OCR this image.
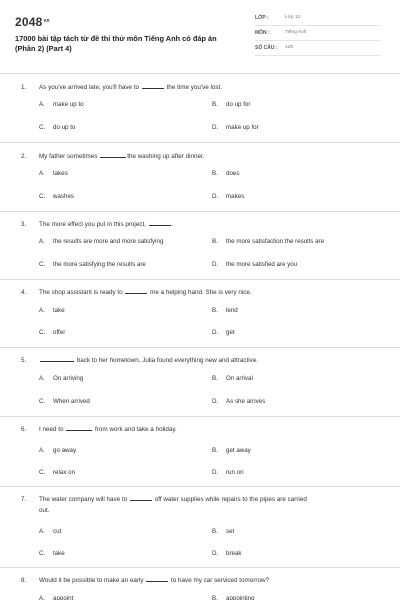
$2048^{vn}$
17000 bài tập tách từ đề thi thử môn Tiếng Anh có đáp án
(Phần 2) (Part 4)
LỚP :	Lớp 12
MÔN :	Tiếng Anh
SỐ CÂU : 426
1. As you've arrived late, you'll have to	the time you've lost.
A. make up to	B. do up for
C. do up to	D. make up for
2. My father sometimes	the washing up after dinner.
A. takes	B. does
C. washes	D. makes
3. The more effect you put in this project,	.
A. the results are more and more satisfying	B. the more satisfaction the results are
C. the more satisfying the results are	D. the more satisfied are you
4. The shop assistant is ready to	me a helping hand. She is very nice.
A. take	B. lend
C. offer	D. get
5.	back to her hometown, Julia found everything new and attractive.
A. On arriving	B. On arrival
C. When arrived	D. As she arrives
6. I need to	from work and take a holiday.
A. go away	B. get away
C. relax on	D. run on
7. The water company will have to	off water supplies while repairs to the pipes are carried
out.
A. cut	B. set
C. take	D. break
8. Would it be possible to make an early	to have my car serviced tomorrow?
A. appoint	B. appointing
